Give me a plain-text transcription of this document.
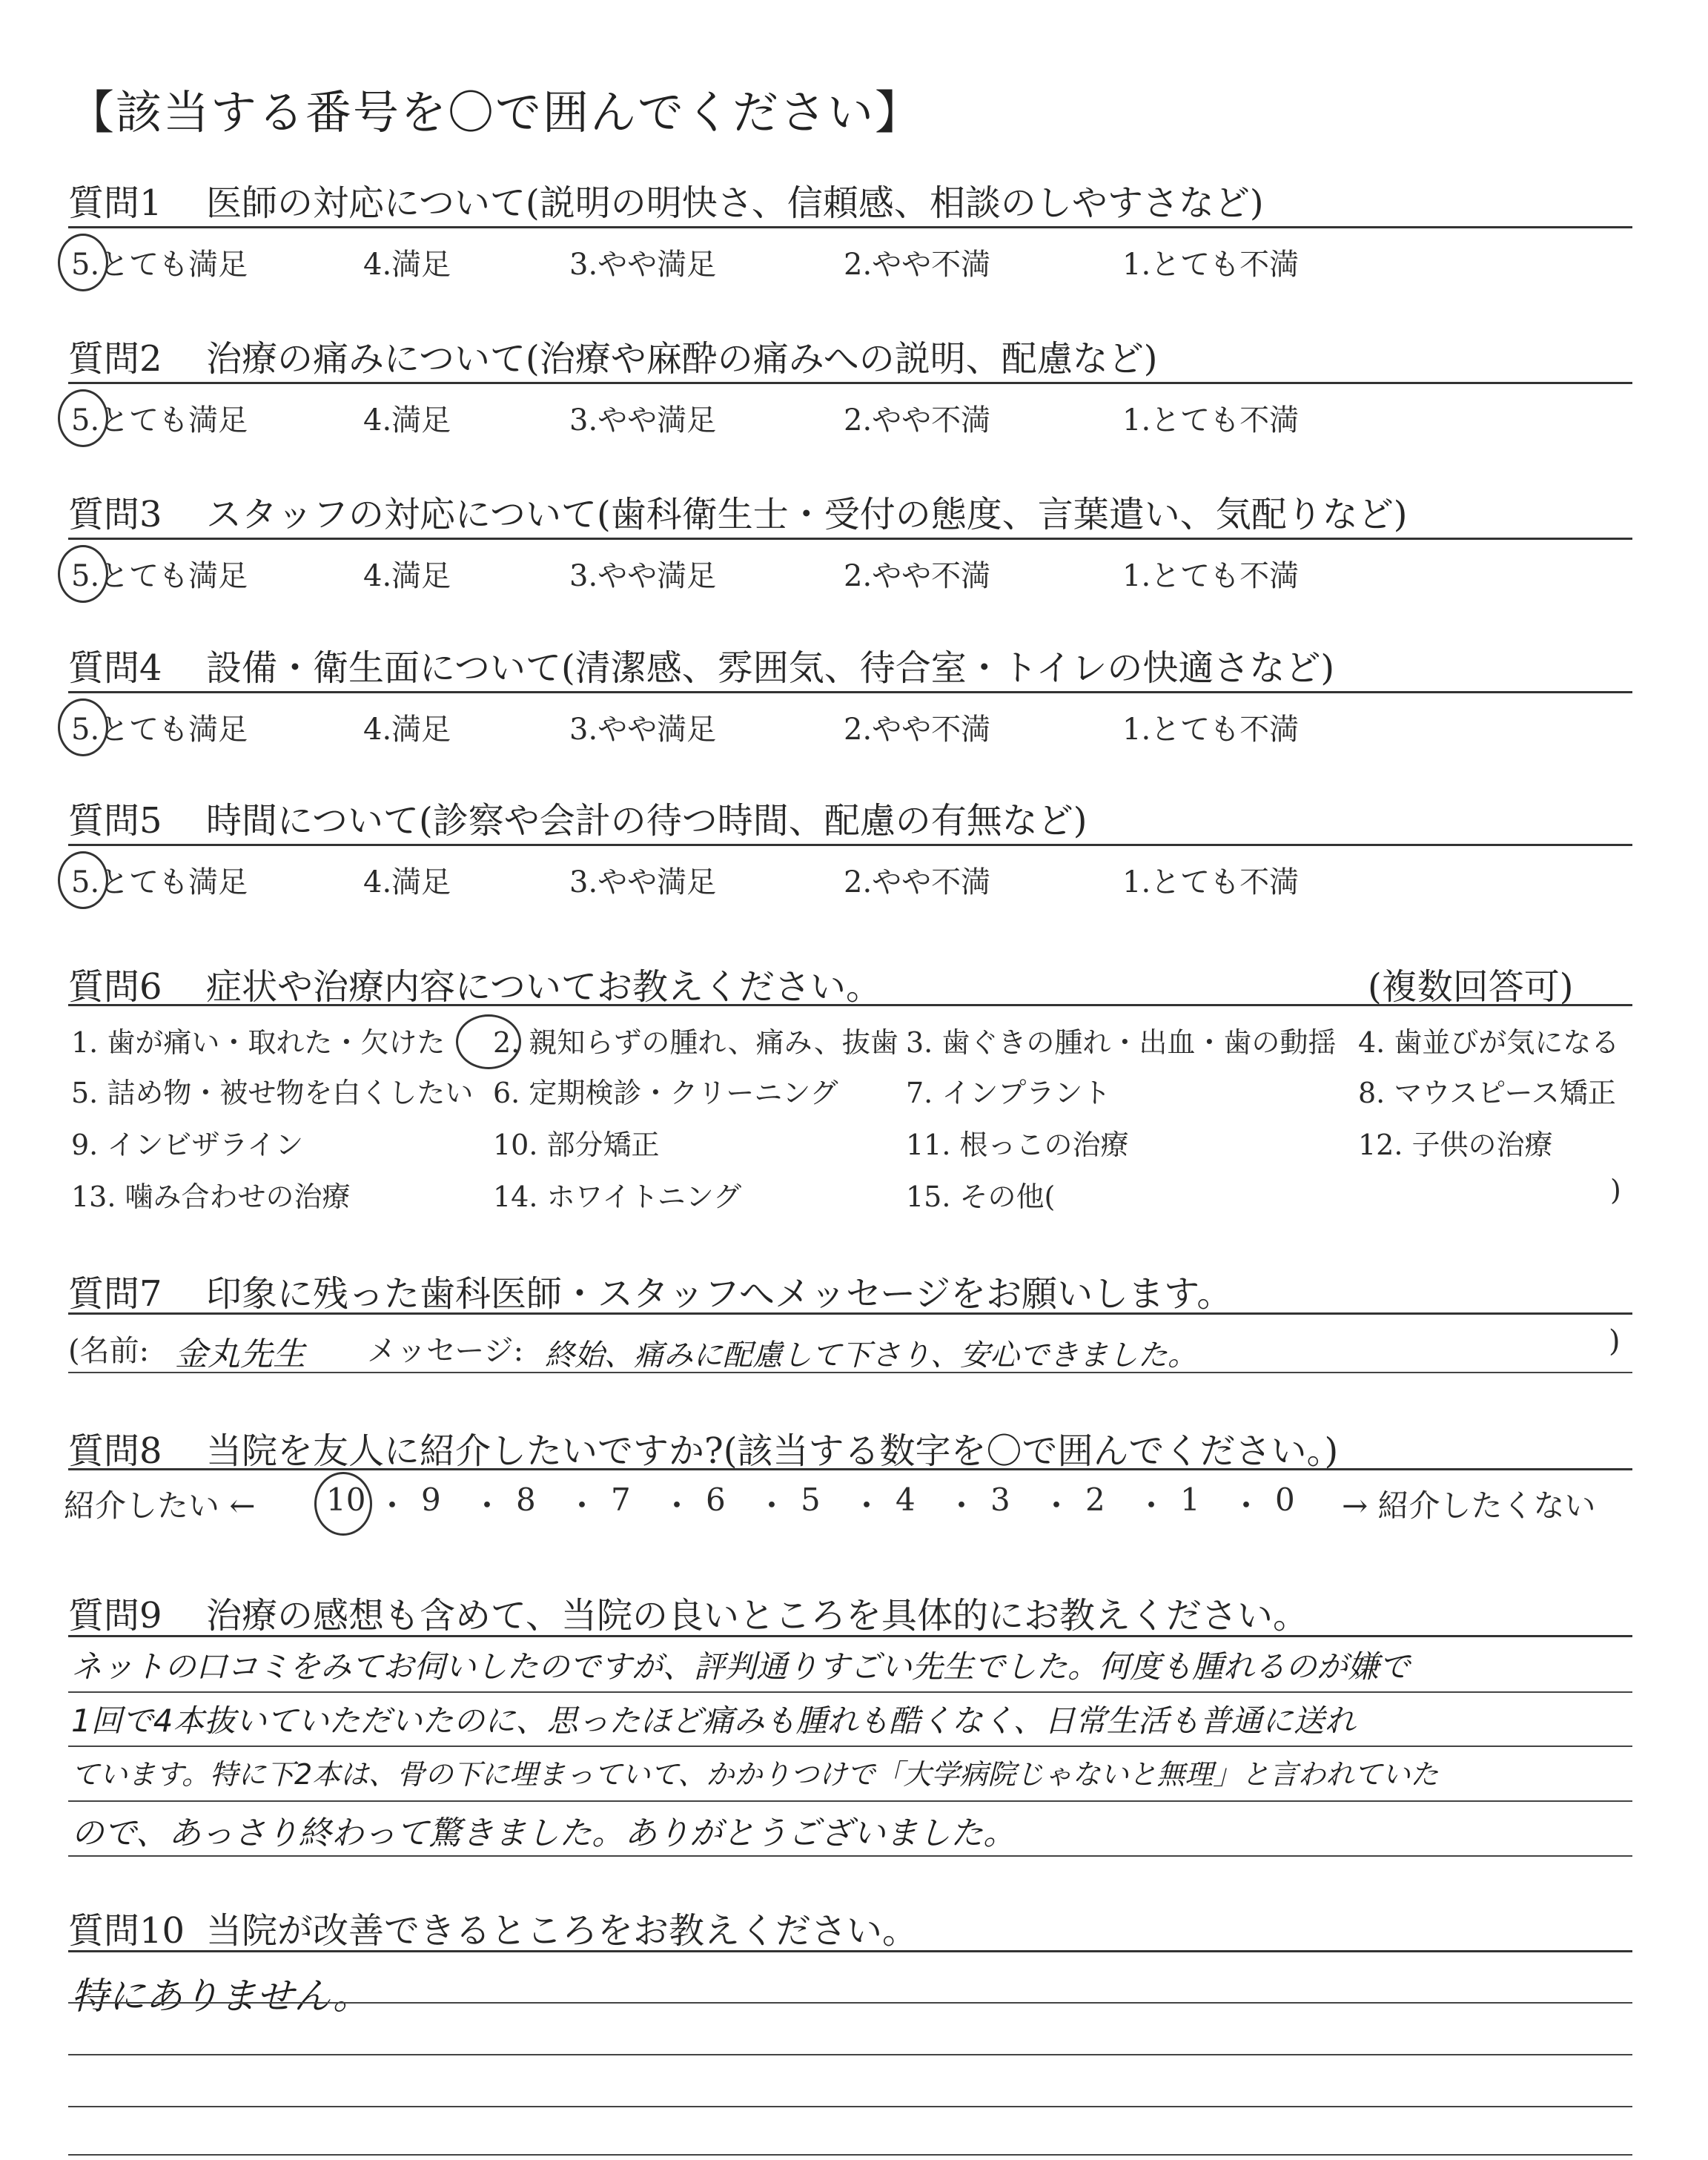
【該当する番号を〇で囲んでください】
質問1 医師の対応について(説明の明快さ、信頼感、相談のしやすさなど)
5.とても満足	4.満足	3.やや満足	2.やや不満	1.とても不満
質問2 治療の痛みについて(治療や麻酔の痛みへの説明、配慮など)
5.とても満足	4.満足	3.やや満足	2.やや不満	1.とても不満
質問3 スタッフの対応について(歯科衛生士・受付の態度、言葉遣い、気配りなど)
5.とても満足	4.満足	3.やや満足	2.やや不満	1.とても不満
質問4 設備・衛生面について(清潔感、雰囲気、待合室・トイレの快適さなど)
5.とても満足	4.満足	3.やや満足	2.やや不満	1.とても不満
質問5 時間について(診察や会計の待つ時間、配慮の有無など)
5.とても満足	4.満足	3.やや満足	2.やや不満	1.とても不満
質問6 症状や治療内容についてお教えください。	(複数回答可)
1. 歯が痛い・取れた・欠けた 2. 親知らずの腫れ、痛み、抜歯 3. 歯ぐきの腫れ・出血・歯の動揺 4. 歯並びが気になる
5. 詰め物・被せ物を白くしたい 6. 定期検診・クリーニング 7. インプラント	8. マウスピース矯正
9. インビザライン	10. 部分矯正	11. 根っこの治療	12. 子供の治療
13. 噛み合わせの治療	14. ホワイトニング	15. その他(	)
質問7 印象に残った歯科医師・スタッフへメッセージをお願いします。
(名前: 金丸先生 メッセージ: 終始、痛みに配慮して下さり、安心できました。	)
質問8 当院を友人に紹介したいですか?(該当する数字を〇で囲んでください。)
紹介したい ← 10 ・ 9 ・ 8 ・ 7 ・ 6 ・ 5 ・ 4 ・ 3 ・ 2 ・ 1 ・ 0 → 紹介したくない
質問9 治療の感想も含めて、当院の良いところを具体的にお教えください。
ネットの口コミをみてお伺いしたのですが、評判通りすごい先生でした。何度も腫れるのが嫌で
1回で4本抜いていただいたのに、思ったほど痛みも腫れも酷くなく、日常生活も普通に送れ
ています。特に下2本は、骨の下に埋まっていて、かかりつけで「大学病院じゃないと無理」と言われていた
ので、あっさり終わって驚きました。ありがとうございました。
質問10 当院が改善できるところをお教えください。
特にありません。
